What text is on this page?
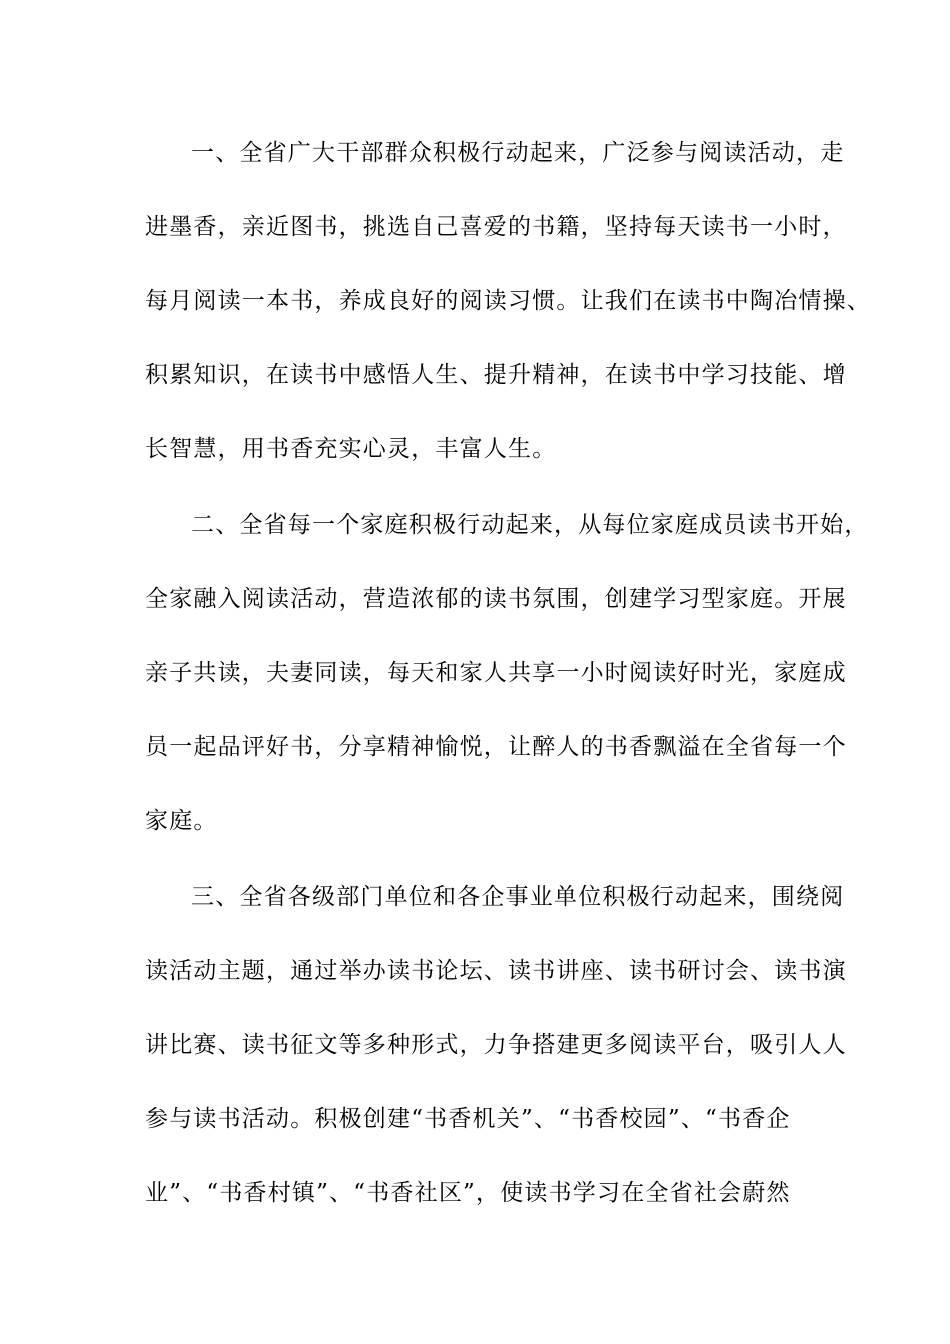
一、全省广大干部群众积极行动起来，广泛参与阅读活动，走
进墨香，亲近图书，挑选自己喜爱的书籍，坚持每天读书一小时，
每月阅读一本书，养成良好的阅读习惯。让我们在读书中陶冶情操、
积累知识，在读书中感悟人生、提升精神，在读书中学习技能、增
长智慧，用书香充实心灵，丰富人生。
二、全省每一个家庭积极行动起来，从每位家庭成员读书开始，
全家融入阅读活动，营造浓郁的读书氛围，创建学习型家庭。开展
亲子共读，夫妻同读，每天和家人共享一小时阅读好时光，家庭成
员一起品评好书，分享精神愉悦，让醉人的书香飘溢在全省每一个
家庭。
三、全省各级部门单位和各企事业单位积极行动起来，围绕阅
读活动主题，通过举办读书论坛、读书讲座、读书研讨会、读书演
讲比赛、读书征文等多种形式，力争搭建更多阅读平台，吸引人人
参与读书活动。积极创建“书香机关”、“书香校园”、“书香企
业”、“书香村镇”、“书香社区”，使读书学习在全省社会蔚然
